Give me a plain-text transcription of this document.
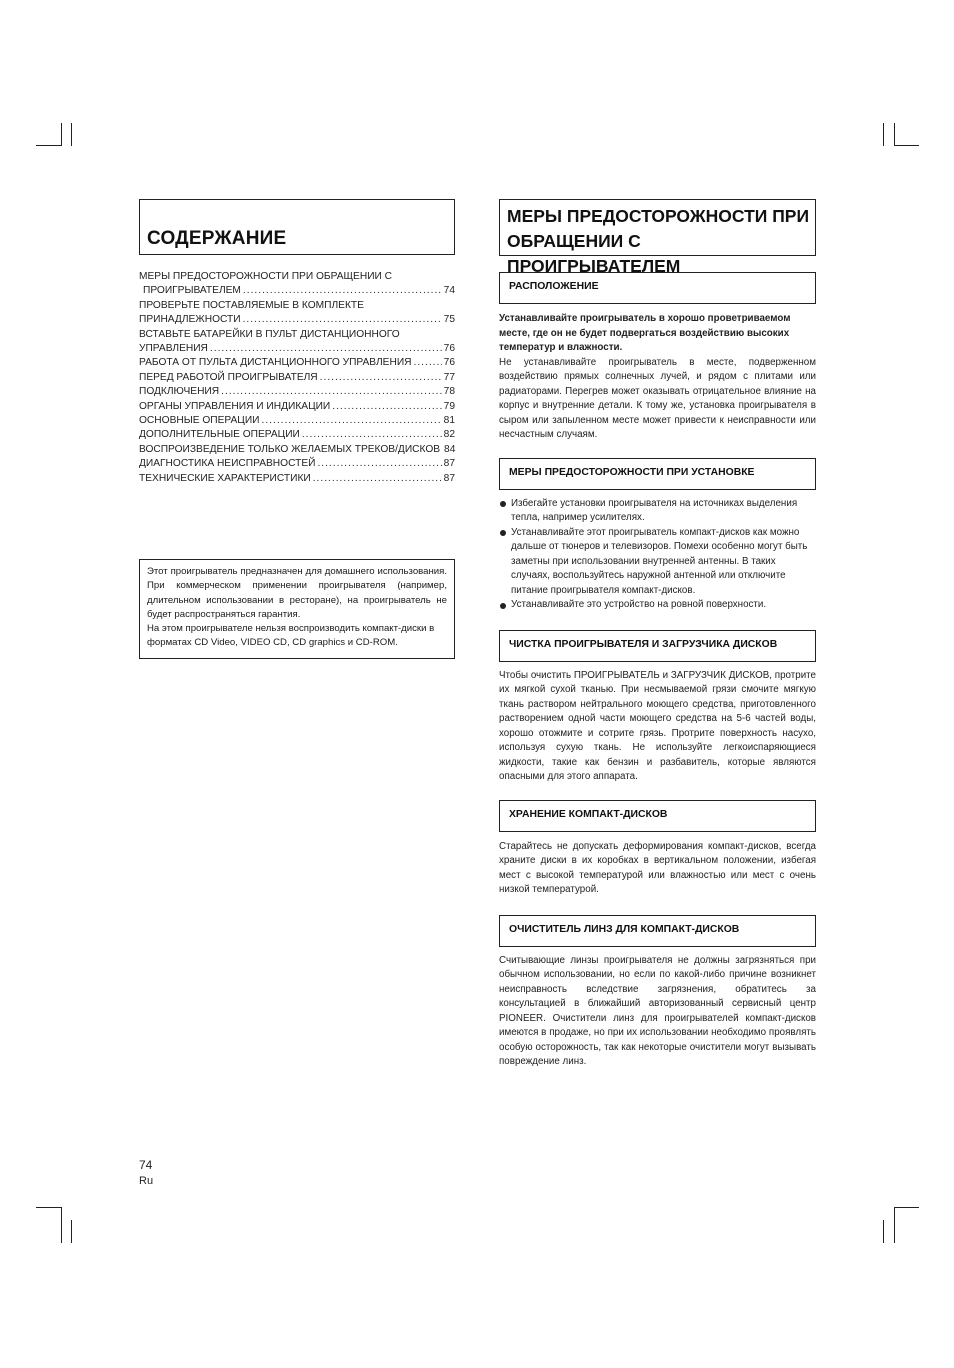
СОДЕРЖАНИЕ
МЕРЫ ПРЕДОСТОРОЖНОСТИ ПРИ ОБРАЩЕНИИ С
ПРОИГРЫВАТЕЛЕМ .....	74
ПРОВЕРЬТЕ ПОСТАВЛЯЕМЫЕ В КОМПЛЕКТЕ
ПРИНАДЛЕЖНОСТИ .....	75
ВСТАВЬТЕ БАТАРЕЙКИ В ПУЛЬТ ДИСТАНЦИОННОГО
УПРАВЛЕНИЯ .....	76
РАБОТА ОТ ПУЛЬТА ДИСТАНЦИОННОГО УПРАВЛЕНИЯ .....	76
ПЕРЕД РАБОТОЙ ПРОИГРЫВАТЕЛЯ .....	77
ПОДКЛЮЧЕНИЯ .....	78
ОРГАНЫ УПРАВЛЕНИЯ И ИНДИКАЦИИ .....	79
ОСНОВНЫЕ ОПЕРАЦИИ .....	81
ДОПОЛНИТЕЛЬНЫЕ ОПЕРАЦИИ .....	82
ВОСПРОИЗВЕДЕНИЕ ТОЛЬКО ЖЕЛАЕМЫХ ТРЕКОВ/ДИСКОВ 84
ДИАГНОСТИКА НЕИСПРАВНОСТЕЙ .....	87
ТЕХНИЧЕСКИЕ ХАРАКТЕРИСТИКИ .....	87

Этот проигрыватель предназначен для домашнего использования. При коммерческом применении проигрывателя (например, длительном использовании в ресторане), на проигрыватель не будет распространяться гарантия.

На этом проигрывателе нельзя воспроизводить компакт-диски в форматах CD Video, VIDEO CD, CD graphics и CD-ROM.

МЕРЫ ПРЕДОСТОРОЖНОСТИ ПРИ
ОБРАЩЕНИИ С ПРОИГРЫВАТЕЛЕМ
РАСПОЛОЖЕНИЕ

Устанавливайте проигрыватель в хорошо проветриваемом месте, где он не будет подвергаться воздействию высоких температур и влажности.

Не устанавливайте проигрыватель в месте, подверженном воздействию прямых солнечных лучей, и рядом с плитами или радиаторами. Перегрев может оказывать отрицательное влияние на корпус и внутренние детали. К тому же, установка проигрывателя в сыром или запыленном месте может привести к неисправности или несчастным случаям.

МЕРЫ ПРЕДОСТОРОЖНОСТИ ПРИ УСТАНОВКЕ
Избегайте установки проигрывателя на источниках выделения тепла, например усилителях.
Устанавливайте этот проигрыватель компакт-дисков как можно дальше от тюнеров и телевизоров. Помехи особенно могут быть заметны при использовании внутренней антенны. В таких случаях, воспользуйтесь наружной антенной или отключите питание проигрывателя компакт-дисков.
Устанавливайте это устройство на ровной поверхности.
ЧИСТКА ПРОИГРЫВАТЕЛЯ И ЗАГРУЗЧИКА ДИСКОВ

Чтобы очистить ПРОИГРЫВАТЕЛЬ и ЗАГРУЗЧИК ДИСКОВ, протрите их мягкой сухой тканью. При несмываемой грязи смочите мягкую ткань раствором нейтрального моющего средства, приготовленного растворением одной части моющего средства на 5-6 частей воды, хорошо отожмите и сотрите грязь. Протрите поверхность насухо, используя сухую ткань. Не используйте легкоиспаряющиеся жидкости, такие как бензин и разбавитель, которые являются опасными для этого аппарата.

ХРАНЕНИЕ КОМПАКТ-ДИСКОВ

Старайтесь не допускать деформирования компакт-дисков, всегда храните диски в их коробках в вертикальном положении, избегая мест с высокой температурой или влажностью или мест с очень низкой температурой.

ОЧИСТИТЕЛЬ ЛИНЗ ДЛЯ КОМПАКТ-ДИСКОВ

Считывающие линзы проигрывателя не должны загрязняться при обычном использовании, но если по какой-либо причине возникнет неисправность вследствие загрязнения, обратитесь за консультацией в ближайший авторизованный сервисный центр PIONEER. Очистители линз для проигрывателей компакт-дисков имеются в продаже, но при их использовании необходимо проявлять особую осторожность, так как некоторые очистители могут вызывать повреждение линз.

74
Ru
